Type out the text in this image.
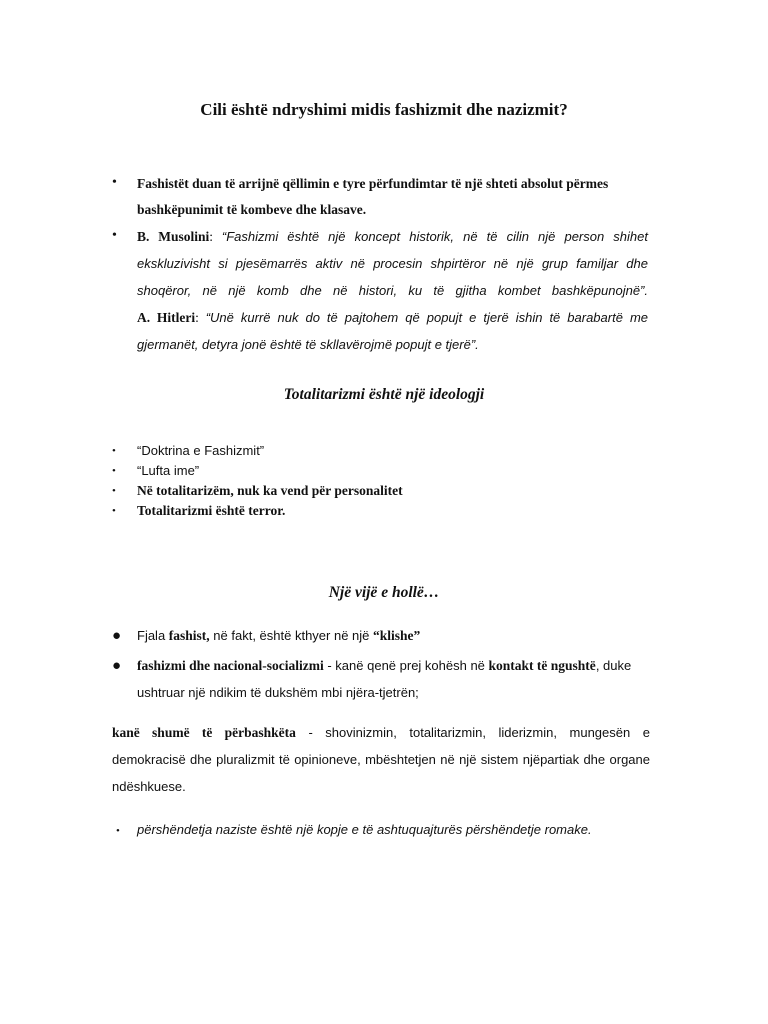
Cili është ndryshimi midis fashizmit dhe nazizmit?
• Fashistët duan të arrijnë qëllimin e tyre përfundimtar të një shteti absolut përmes
bashkëpunimit të kombeve dhe klasave.
• B. Musolini: “Fashizmi është një koncept historik, në të cilin një person shihet
ekskluzivisht si pjesëmarrës aktiv në procesin shpirtëror në një grup familjar dhe
shoqëror, në një komb dhe në histori, ku të gjitha kombet bashkëpunojnë”.
A. Hitleri: “Unë kurrë nuk do të pajtohem që popujt e tjerë ishin të barabartë me
gjermanët, detyra jonë është të skllavërojmë popujt e tjerë”.
Totalitarizmi është një ideologji
• “Doktrina e Fashizmit”
• “Lufta ime”
• Në totalitarizëm, nuk ka vend për personalitet
• Totalitarizmi është terror.
Një vijë e hollë…
● Fjala fashist, në fakt, është kthyer në një “klishe”
● fashizmi dhe nacional-socializmi - kanë qenë prej kohësh në kontakt të ngushtë, duke
ushtruar një ndikim të dukshëm mbi njëra-tjetrën;
kanë shumë të përbashkëta - shovinizmin, totalitarizmin, liderizmin, mungesën e
demokracisë dhe pluralizmit të opinioneve, mbështetjen në një sistem njëpartiak dhe organe
ndëshkuese.
• përshëndetja naziste është një kopje e të ashtuquajturës përshëndetje romake.
